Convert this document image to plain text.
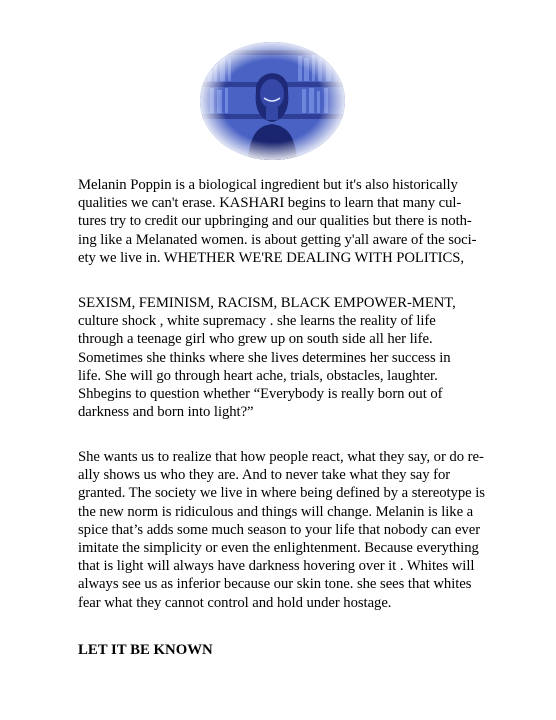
Melanin Poppin is a biological ingredient but it's also historically
qualities we can't erase. KASHARI begins to learn that many cul-
tures try to credit our upbringing and our qualities but there is noth-
ing like a Melanated women. is about getting y'all aware of the soci-
ety we live in. WHETHER WE'RE DEALING WITH POLITICS,
SEXISM, FEMINISM, RACISM, BLACK EMPOWER-MENT,
culture shock , white supremacy . she learns the reality of life
through a teenage girl who grew up on south side all her life.
Sometimes she thinks where she lives determines her success in
life. She will go through heart ache, trials, obstacles, laughter.
Shbegins to question whether “Everybody is really born out of
darkness and born into light?”
She wants us to realize that how people react, what they say, or do re-
ally shows us who they are. And to never take what they say for
granted. The society we live in where being defined by a stereotype is
the new norm is ridiculous and things will change. Melanin is like a
spice that’s adds some much season to your life that nobody can ever
imitate the simplicity or even the enlightenment. Because everything
that is light will always have darkness hovering over it . Whites will
always see us as inferior because our skin tone. she sees that whites
fear what they cannot control and hold under hostage.
LET IT BE KNOWN
